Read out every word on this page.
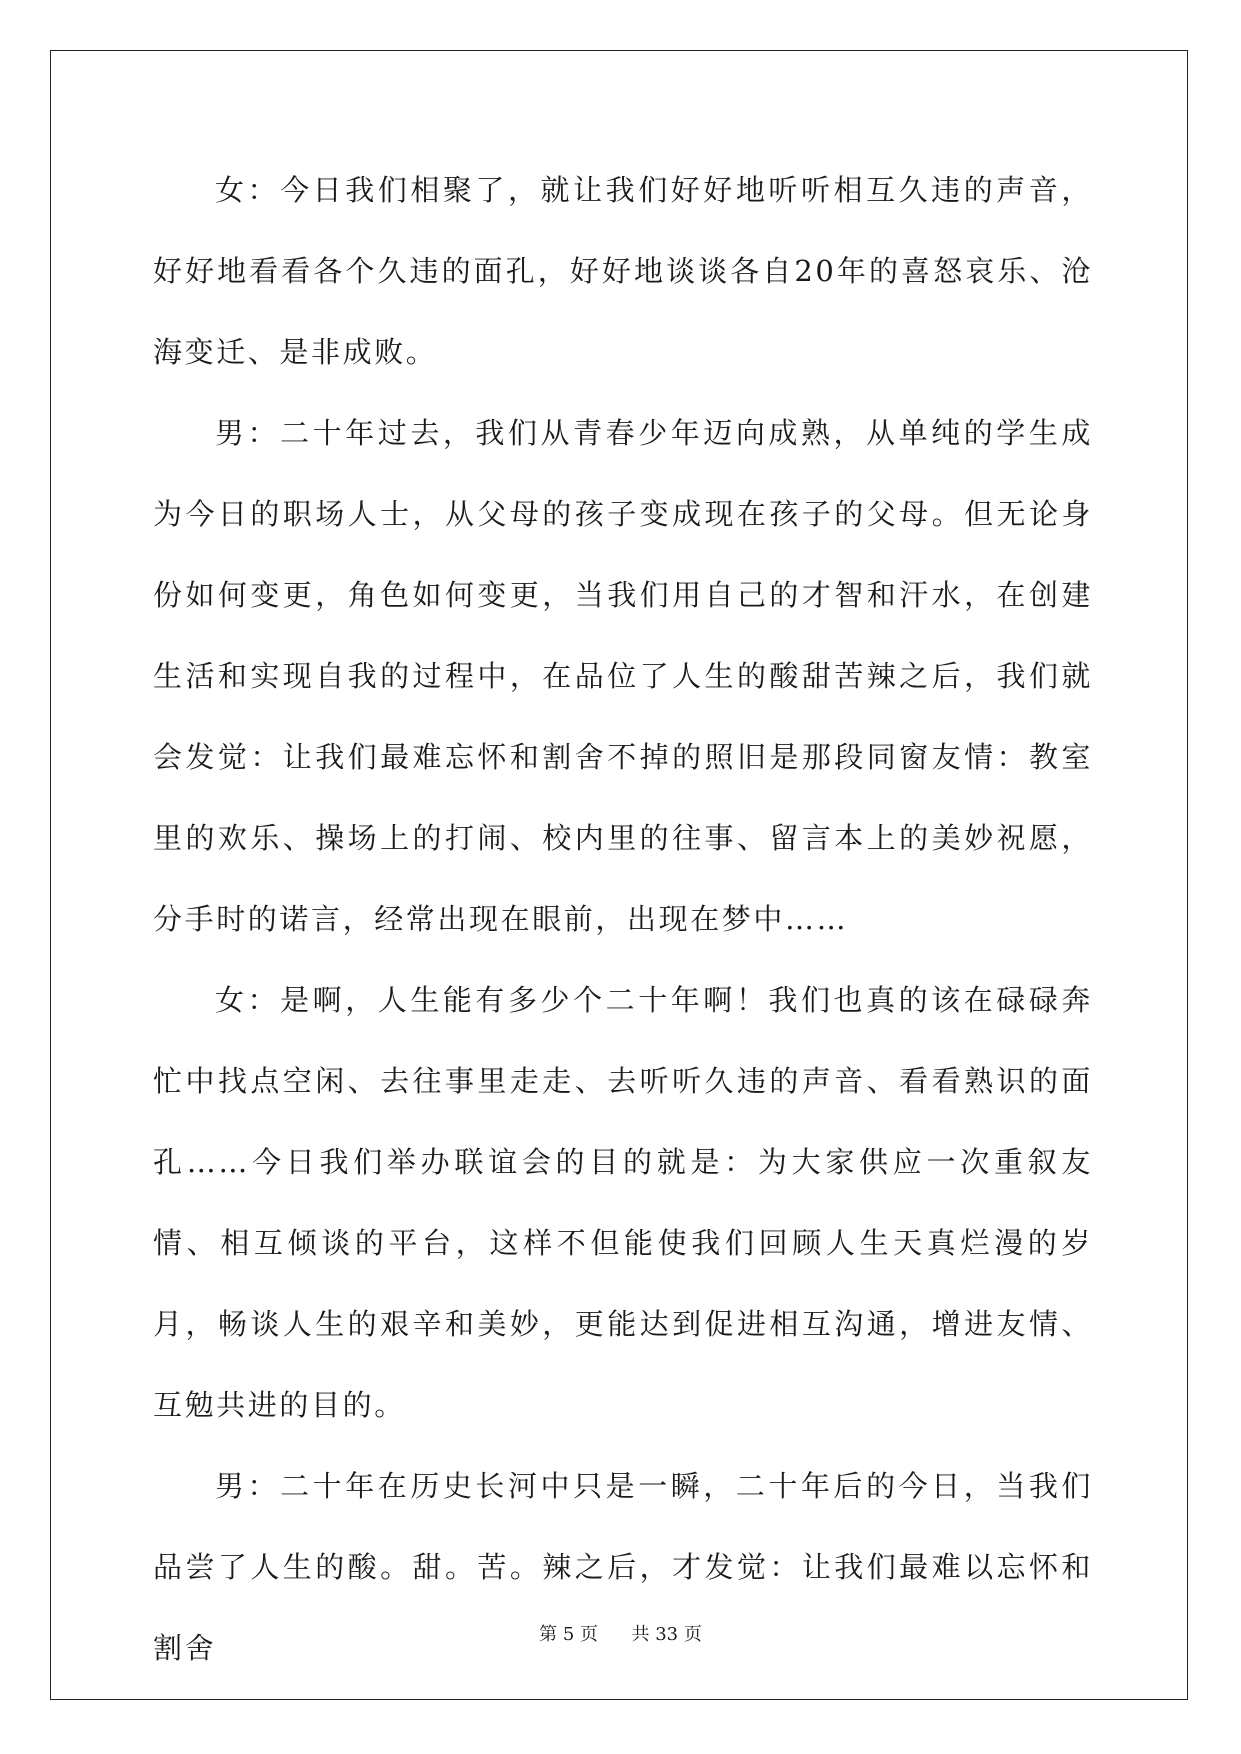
女：今日我们相聚了，就让我们好好地听听相互久违的声音，好好地看看各个久违的面孔，好好地谈谈各自20年的喜怒哀乐、沧海变迁、是非成败。

男：二十年过去，我们从青春少年迈向成熟，从单纯的学生成为今日的职场人士，从父母的孩子变成现在孩子的父母。但无论身份如何变更，角色如何变更，当我们用自己的才智和汗水，在创建生活和实现自我的过程中，在品位了人生的酸甜苦辣之后，我们就会发觉：让我们最难忘怀和割舍不掉的照旧是那段同窗友情：教室里的欢乐、操场上的打闹、校内里的往事、留言本上的美妙祝愿，分手时的诺言，经常出现在眼前，出现在梦中……

女：是啊，人生能有多少个二十年啊！我们也真的该在碌碌奔忙中找点空闲、去往事里走走、去听听久违的声音、看看熟识的面孔……今日我们举办联谊会的目的就是：为大家供应一次重叙友情、相互倾谈的平台，这样不但能使我们回顾人生天真烂漫的岁月，畅谈人生的艰辛和美妙，更能达到促进相互沟通，增进友情、互勉共进的目的。

男：二十年在历史长河中只是一瞬，二十年后的今日，当我们品尝了人生的酸。甜。苦。辣之后，才发觉：让我们最难以忘怀和割舍	第 5 页 共 33 页
